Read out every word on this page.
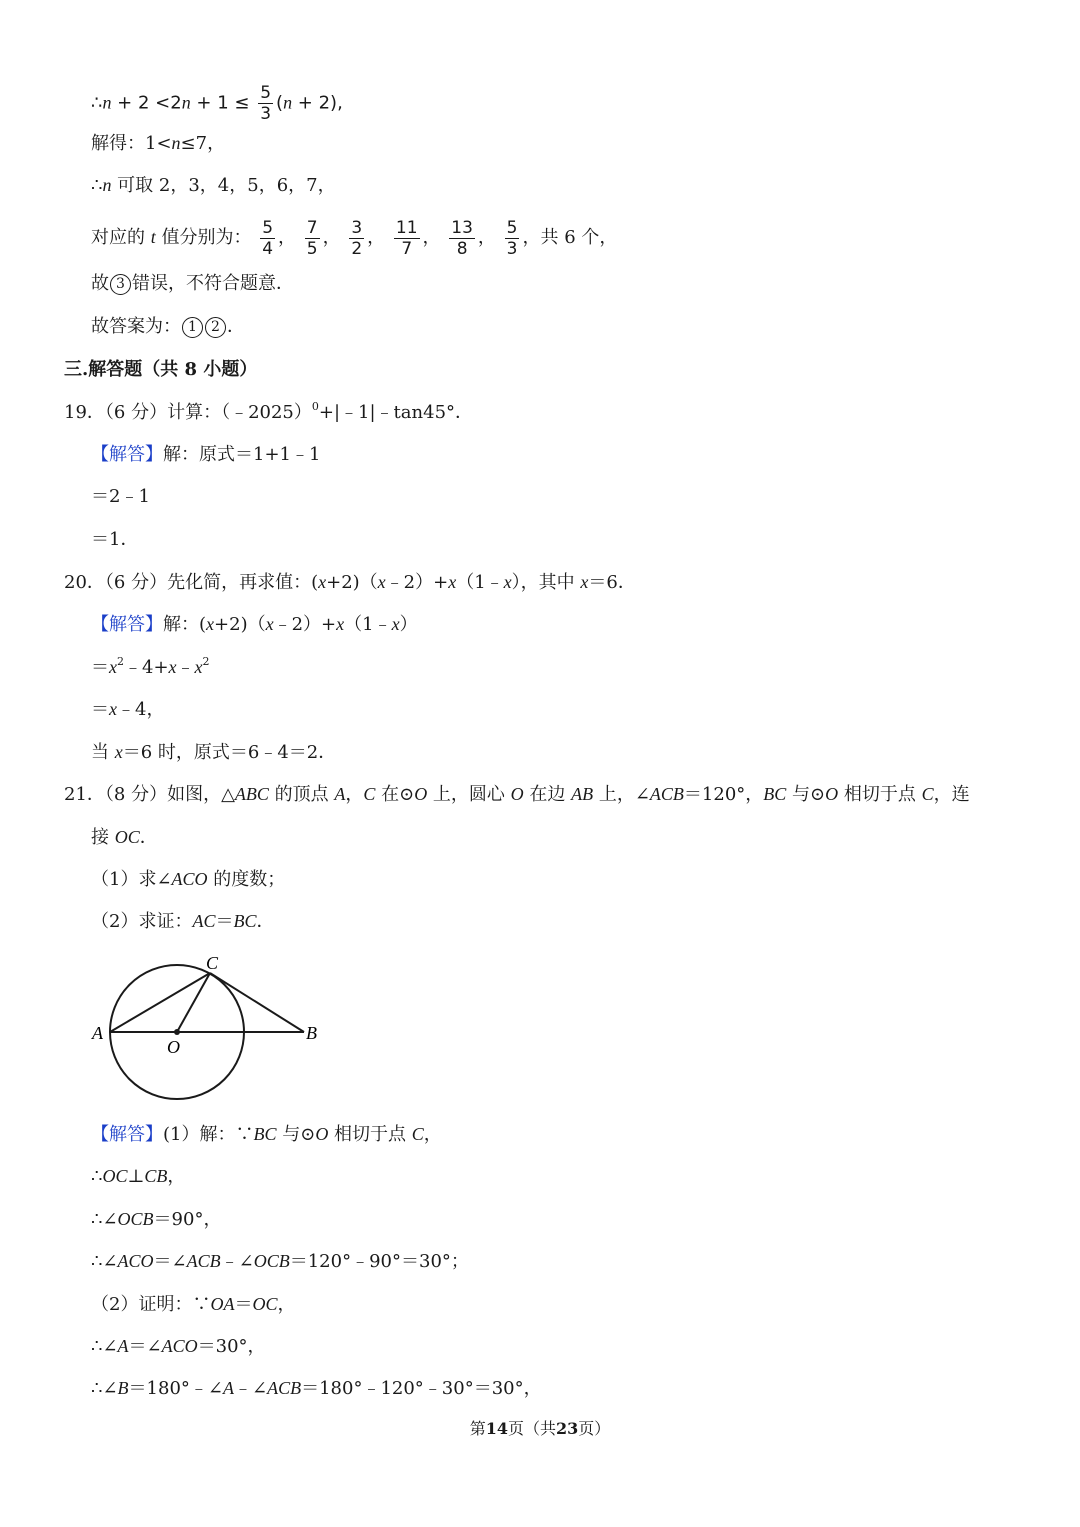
∴n + $2 <2n + 1 \le \frac{5}{3} (n + 2)$,
解得：1<n≤7，
∴n 可取 2，3，4，5，6，7，
对应的 t 值分别为： $\frac{5}{4}$ ， $\frac{7}{5}$ ， $\frac{3}{2}$ ， $\frac{11}{7}$ ， $\frac{13}{8}$ ， $\frac{5}{3}$ ，共 6 个，
故 3 错误，不符合题意．
故答案为： 1 2 ．
三.解答题（共 8 小题）
19．（6 分）计算：（﹣2025）$^0$+|﹣1|﹣tan45°．
【解答】解：原式＝1+1﹣1
＝2﹣1
＝1．
20．（6 分）先化简，再求值：(x+2)（x﹣2）+x（1﹣x），其中 x＝6．
【解答】解：(x+2)（x﹣2）+x（1﹣x）
$=x^2﹣4+x﹣x^2$
＝x﹣4，
当 x＝6 时，原式＝6﹣4＝2．
21．（8 分）如图，△ABC 的顶点 A，C 在⊙O 上，圆心 O 在边 AB 上，∠ACB＝120°，BC 与⊙O 相切于点 C，连
接 OC．
（1）求∠ACO 的度数；
（2）求证：AC＝BC．
A	B
C
O
【解答】(1）解：∵BC 与⊙O 相切于点 C，
∴OC⊥CB，
∴∠OCB＝90°，
∴∠ACO＝∠ACB﹣∠OCB＝120°﹣90°＝30°；
（2）证明：∵OA＝OC，
∴∠A＝∠ACO＝30°，
∴∠B＝180°﹣∠A﹣∠ACB＝180°﹣120°﹣30°＝30°，
第14页（共23页）
